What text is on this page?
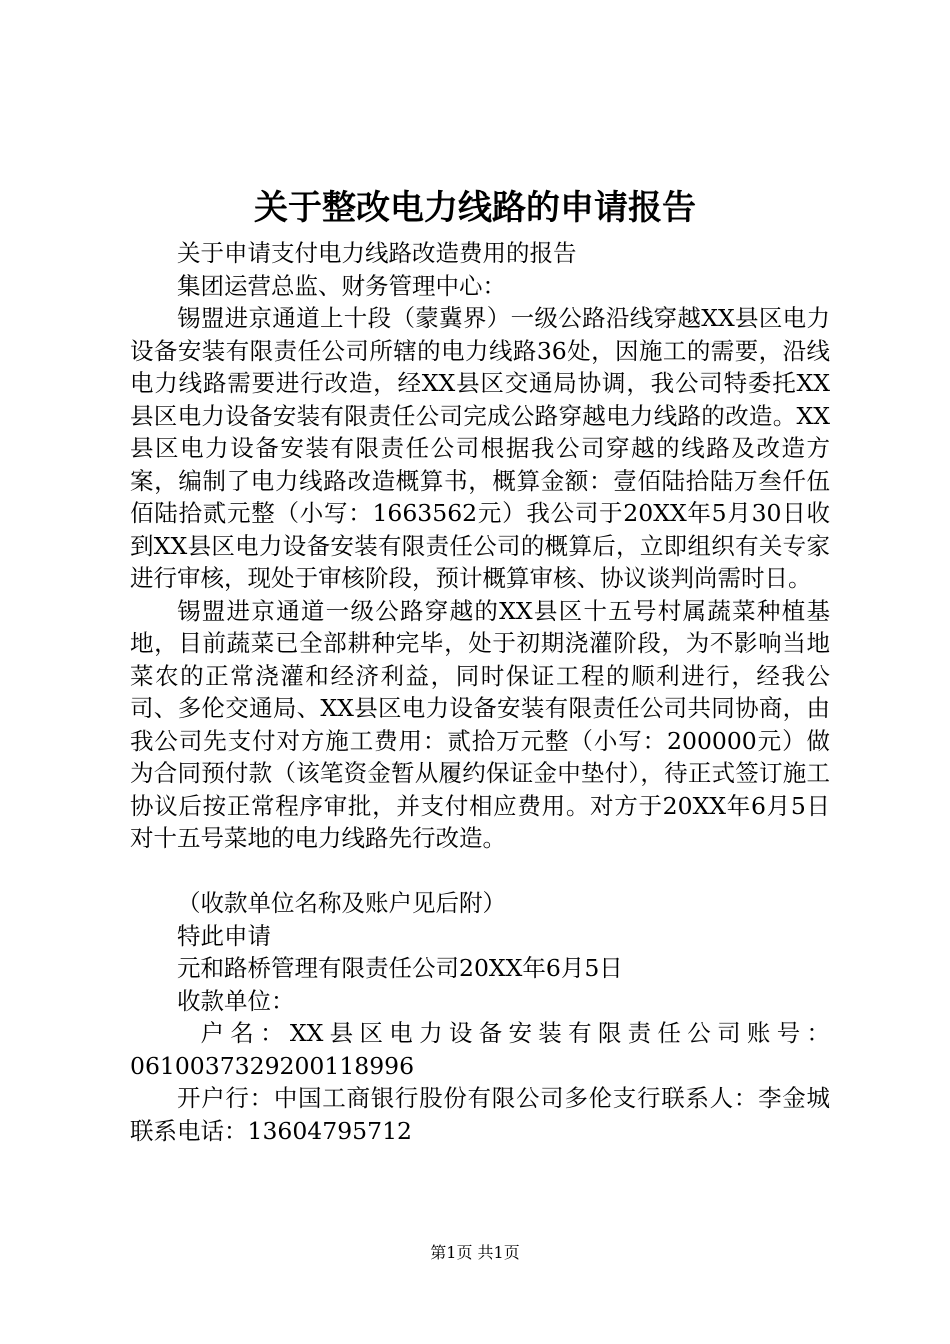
关于整改电力线路的申请报告

关于申请支付电力线路改造费用的报告

集团运营总监、财务管理中心：

锡盟进京通道上十段（蒙冀界）一级公路沿线穿越XX县区电力设备安装有限责任公司所辖的电力线路36处，因施工的需要，沿线电力线路需要进行改造，经XX县区交通局协调，我公司特委托XX县区电力设备安装有限责任公司完成公路穿越电力线路的改造。XX县区电力设备安装有限责任公司根据我公司穿越的线路及改造方案，编制了电力线路改造概算书，概算金额：壹佰陆拾陆万叁仟伍佰陆拾贰元整（小写：1663562元）我公司于20XX年5月30日收到XX县区电力设备安装有限责任公司的概算后，立即组织有关专家进行审核，现处于审核阶段，预计概算审核、协议谈判尚需时日。

锡盟进京通道一级公路穿越的XX县区十五号村属蔬菜种植基地，目前蔬菜已全部耕种完毕，处于初期浇灌阶段，为不影响当地菜农的正常浇灌和经济利益，同时保证工程的顺利进行，经我公司、多伦交通局、XX县区电力设备安装有限责任公司共同协商，由我公司先支付对方施工费用：贰拾万元整（小写：200000元）做为合同预付款（该笔资金暂从履约保证金中垫付），待正式签订施工协议后按正常程序审批，并支付相应费用。对方于20XX年6月5日对十五号菜地的电力线路先行改造。

（收款单位名称及账户见后附）

特此申请

元和路桥管理有限责任公司20XX年6月5日

收款单位：

户名：XX县区电力设备安装有限责任公司账号：0610037329200118996

开户行：中国工商银行股份有限公司多伦支行联系人：李金城联系电话：13604795712

第1页 共1页
